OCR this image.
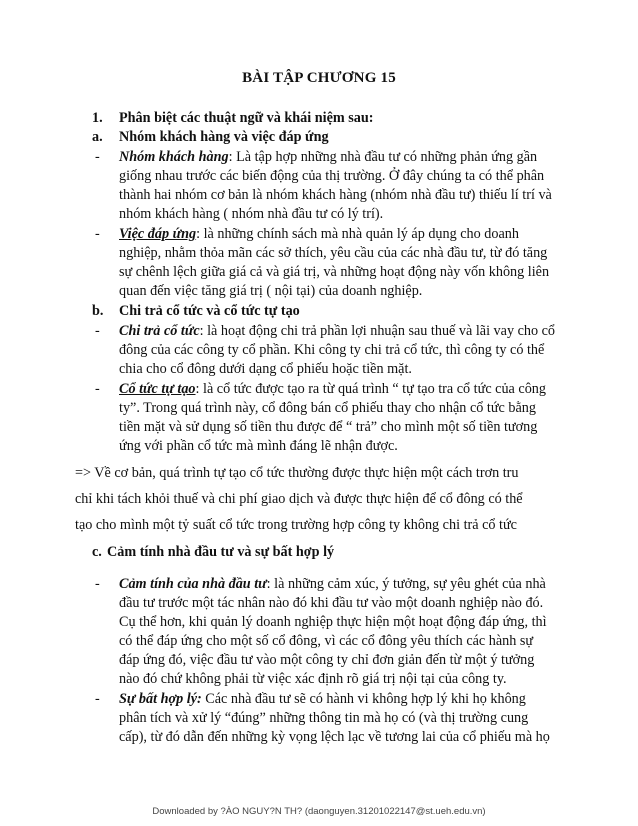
BÀI TẬP CHƯƠNG 15
1. Phân biệt các thuật ngữ và khái niệm sau:
a. Nhóm khách hàng và việc đáp ứng
- Nhóm khách hàng: Là tập hợp những nhà đầu tư có những phản ứng gần
giống nhau trước các biến động của thị trường. Ở đây chúng ta có thể phân
thành hai nhóm cơ bản là nhóm khách hàng (nhóm nhà đầu tư) thiếu lí trí và
nhóm khách hàng ( nhóm nhà đầu tư có lý trí).
- Việc đáp ứng: là những chính sách mà nhà quản lý áp dụng cho doanh
nghiệp, nhằm thỏa mãn các sở thích, yêu cầu của các nhà đầu tư, từ đó tăng
sự chênh lệch giữa giá cả và giá trị, và những hoạt động này vốn không liên
quan đến việc tăng giá trị ( nội tại) của doanh nghiệp.
b. Chi trả cổ tức và cổ tức tự tạo
- Chi trả cổ tức: là hoạt động chi trả phần lợi nhuận sau thuế và lãi vay cho cổ
đông của các công ty cổ phần. Khi công ty chi trả cổ tức, thì công ty có thể
chia cho cổ đông dưới dạng cổ phiếu hoặc tiền mặt.
- Cổ tức tự tạo: là cổ tức được tạo ra từ quá trình “ tự tạo tra cổ tức của công
ty”. Trong quá trình này, cổ đông bán cổ phiếu thay cho nhận cổ tức bằng
tiền mặt và sử dụng số tiền thu được để “ trả” cho mình một số tiền tương
ứng với phần cổ tức mà mình đáng lẽ nhận được.
=> Về cơ bản, quá trình tự tạo cổ tức thường được thực hiện một cách trơn tru
chỉ khi tách khỏi thuế và chi phí giao dịch và được thực hiện để cổ đông có thể
tạo cho mình một tỷ suất cổ tức trong trường hợp công ty không chi trả cổ tức
c. Cảm tính nhà đầu tư và sự bất hợp lý
- Cảm tính của nhà đầu tư: là những cảm xúc, ý tưởng, sự yêu ghét của nhà
đầu tư trước một tác nhân nào đó khi đầu tư vào một doanh nghiệp nào đó.
Cụ thể hơn, khi quản lý doanh nghiệp thực hiện một hoạt động đáp ứng, thì
có thể đáp ứng cho một số cổ đông, vì các cổ đông yêu thích các hành sự
đáp ứng đó, việc đầu tư vào một công ty chỉ đơn giản đến từ một ý tưởng
nào đó chứ không phải từ việc xác định rõ giá trị nội tại của công ty.
- Sự bất hợp lý: Các nhà đầu tư sẽ có hành vi không hợp lý khi họ không
phân tích và xử lý “đúng” những thông tin mà họ có (và thị trường cung
cấp), từ đó dẫn đến những kỳ vọng lệch lạc về tương lai của cổ phiếu mà họ
Downloaded by ?ÀO NGUY?N TH? (daonguyen.31201022147@st.ueh.edu.vn)
